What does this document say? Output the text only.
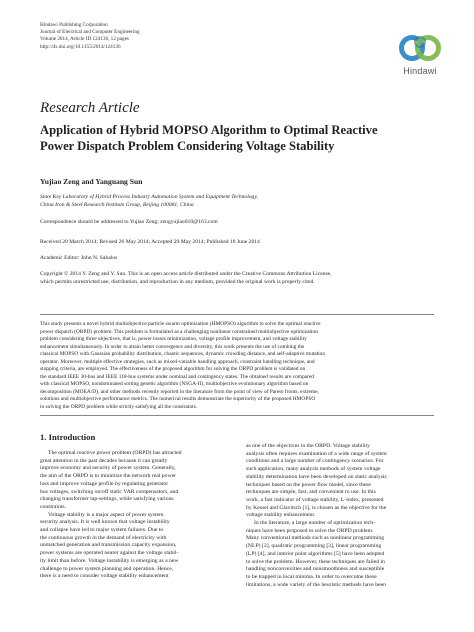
Hindawi Publishing Corporation
Journal of Electrical and Computer Engineering
Volume 2014, Article ID 124136, 12 pages
http://dx.doi.org/10.1155/2014/124136
Hindawi
Research Article
Application of Hybrid MOPSO Algorithm to Optimal Reactive
Power Dispatch Problem Considering Voltage Stability
Yujiao Zeng and Yanguang Sun
State Key Laboratory of Hybrid Process Industry Automation System and Equipment Technology,
China Iron & Steel Research Institute Group, Beijing 100081, China
Correspondence should be addressed to Yujiao Zeng; zengyujiao010@163.com
Received 20 March 2014; Revised 26 May 2014; Accepted 29 May 2014; Published 18 June 2014
Academic Editor: John N. Sahalos
Copyright © 2014 Y. Zeng and Y. Sun. This is an open access article distributed under the Creative Commons Attribution License,
which permits unrestricted use, distribution, and reproduction in any medium, provided the original work is properly cited.
This study presents a novel hybrid multiobjective particle swarm optimization (HMOPSO) algorithm to solve the optimal reactive
power dispatch (ORPD) problem. This problem is formulated as a challenging nonlinear constrained multiobjective optimization
problem considering three objectives, that is, power losses minimization, voltage profile improvement, and voltage stability
enhancement simultaneously. In order to attain better convergence and diversity, this work presents the use of combing the
classical MOPSO with Gaussian probability distribution, chaotic sequences, dynamic crowding distance, and self-adaptive mutation
operator. Moreover, multiple effective strategies, such as mixed-variable handling approach, constraint handling technique, and
stopping criteria, are employed. The effectiveness of the proposed algorithm for solving the ORPD problem is validated on
the standard IEEE 30-bus and IEEE 118-bus systems under nominal and contingency states. The obtained results are compared
with classical MOPSO, nondominated sorting genetic algorithm (NSGA-II), multiobjective evolutionary algorithm based on
decomposition (MOEA/D), and other methods recently reported in the literature from the point of view of Pareto fronts, extreme,
solutions and multiobjective performance metrics. The numerical results demonstrate the superiority of the proposed HMOPSO
in solving the ORPD problem while strictly satisfying all the constraints.
1. Introduction
The optimal reactive power problem (ORPD) has attracted
great attention in the past decades because it can greatly
improve economy and security of power system. Generally,
the aim of the ORPD is to minimize the network real power
loss and improve voltage profile by regulating generator
bus voltages, switching on/off static VAR compensators, and
changing transformer tap-settings, while satisfying various
constraints.
Voltage stability is a major aspect of power system
security analysis. It is well known that voltage instability
and collapse have led to major system failures. Due to
the continuous growth in the demand of electricity with
unmatched generation and transmission capacity expansion,
power systems are operated nearer against the voltage stabil-
ity limit than before. Voltage instability is emerging as a new
challenge to power system planning and operation. Hence,
there is a need to consider voltage stability enhancement
as one of the objectives in the ORPD. Voltage stability
analysis often requires examination of a wide range of system
conditions and a large number of contingency scenarios. For
such application, many analysis methods of system voltage
stability determination have been developed on static analysis
techniques based on the power flow model, since these
techniques are simple, fast, and convenient to use. In this
work, a fast indicator of voltage stability, L-index, presented
by Kessel and Glavitsch [1], is chosen as the objective for the
voltage stability enhancement.
In the literature, a large number of optimization tech-
niques have been proposed to solve the ORPD problem.
Many conventional methods such as nonlinear programming
(NLP) [2], quadratic programming [3], linear programming
(LP) [4], and interior point algorithms [5] have been adopted
to solve the problem. However, these techniques are failed in
handling nonconvexities and nonsmoothness and susceptible
to be trapped in local minima. In order to overcome these
limitations, a wide variety of the heuristic methods have been
